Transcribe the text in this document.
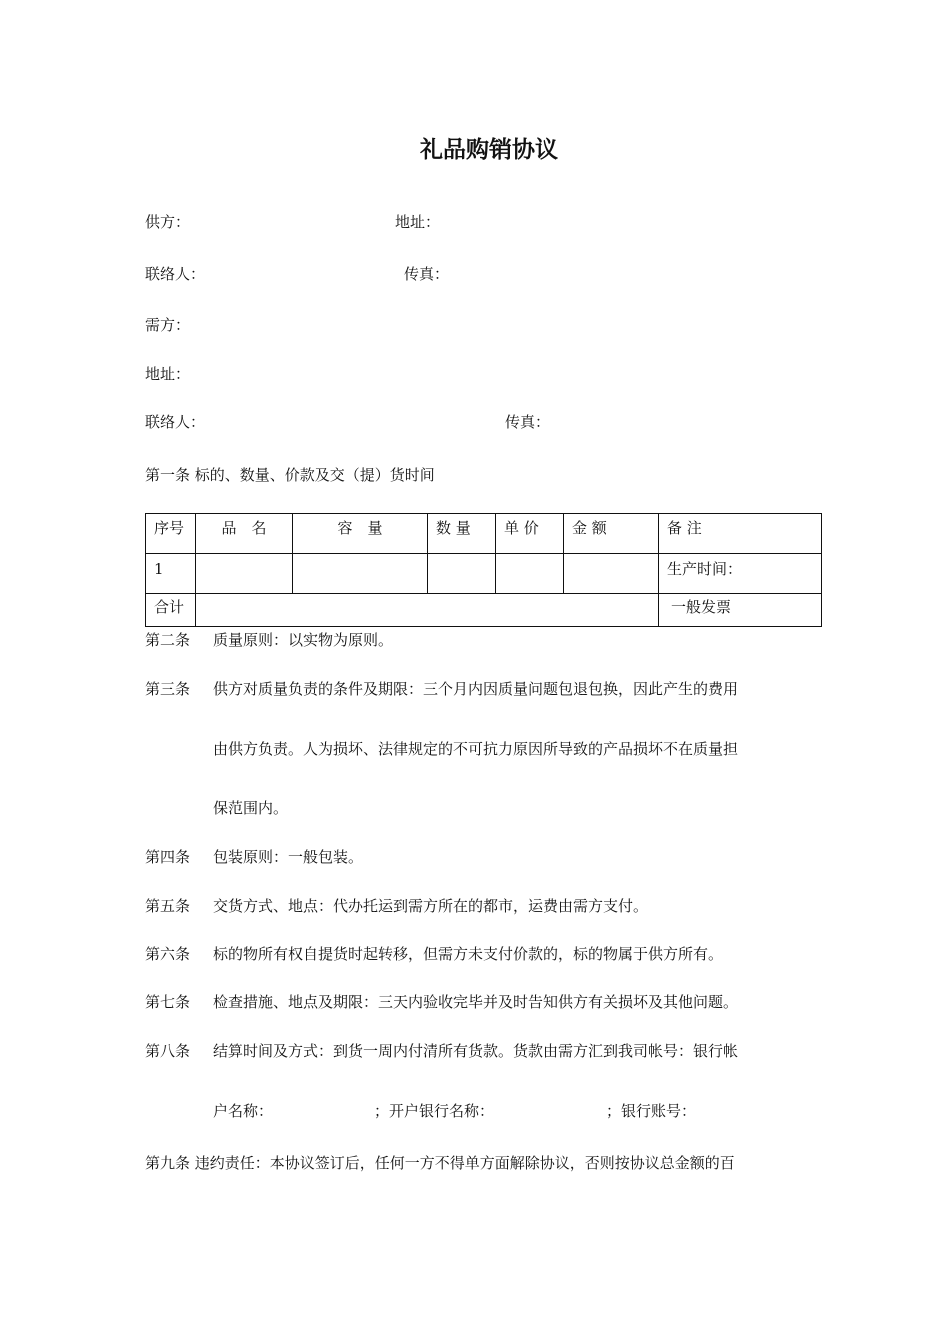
礼品购销协议
供方：	地址：
联络人：	传真：
需方：
地址：
联络人：	传真：
第一条 标的、数量、价款及交（提）货时间
序号	品　名	容　量	数 量	单 价	金 额	备 注
1						生产时间：
合计						一般发票
第二条 质量原则：以实物为原则。
第三条 供方对质量负责的条件及期限：三个月内因质量问题包退包换，因此产生的费用
由供方负责。人为损坏、法律规定的不可抗力原因所导致的产品损坏不在质量担
保范围内。
第四条 包装原则：一般包装。
第五条 交货方式、地点：代办托运到需方所在的都市，运费由需方支付。
第六条 标的物所有权自提货时起转移，但需方未支付价款的，标的物属于供方所有。
第七条 检查措施、地点及期限：三天内验收完毕并及时告知供方有关损坏及其他问题。
第八条 结算时间及方式：到货一周内付清所有货款。货款由需方汇到我司帐号：银行帐
户名称：	；开户银行名称：	；银行账号：
第九条 违约责任：本协议签订后，任何一方不得单方面解除协议，否则按协议总金额的百
